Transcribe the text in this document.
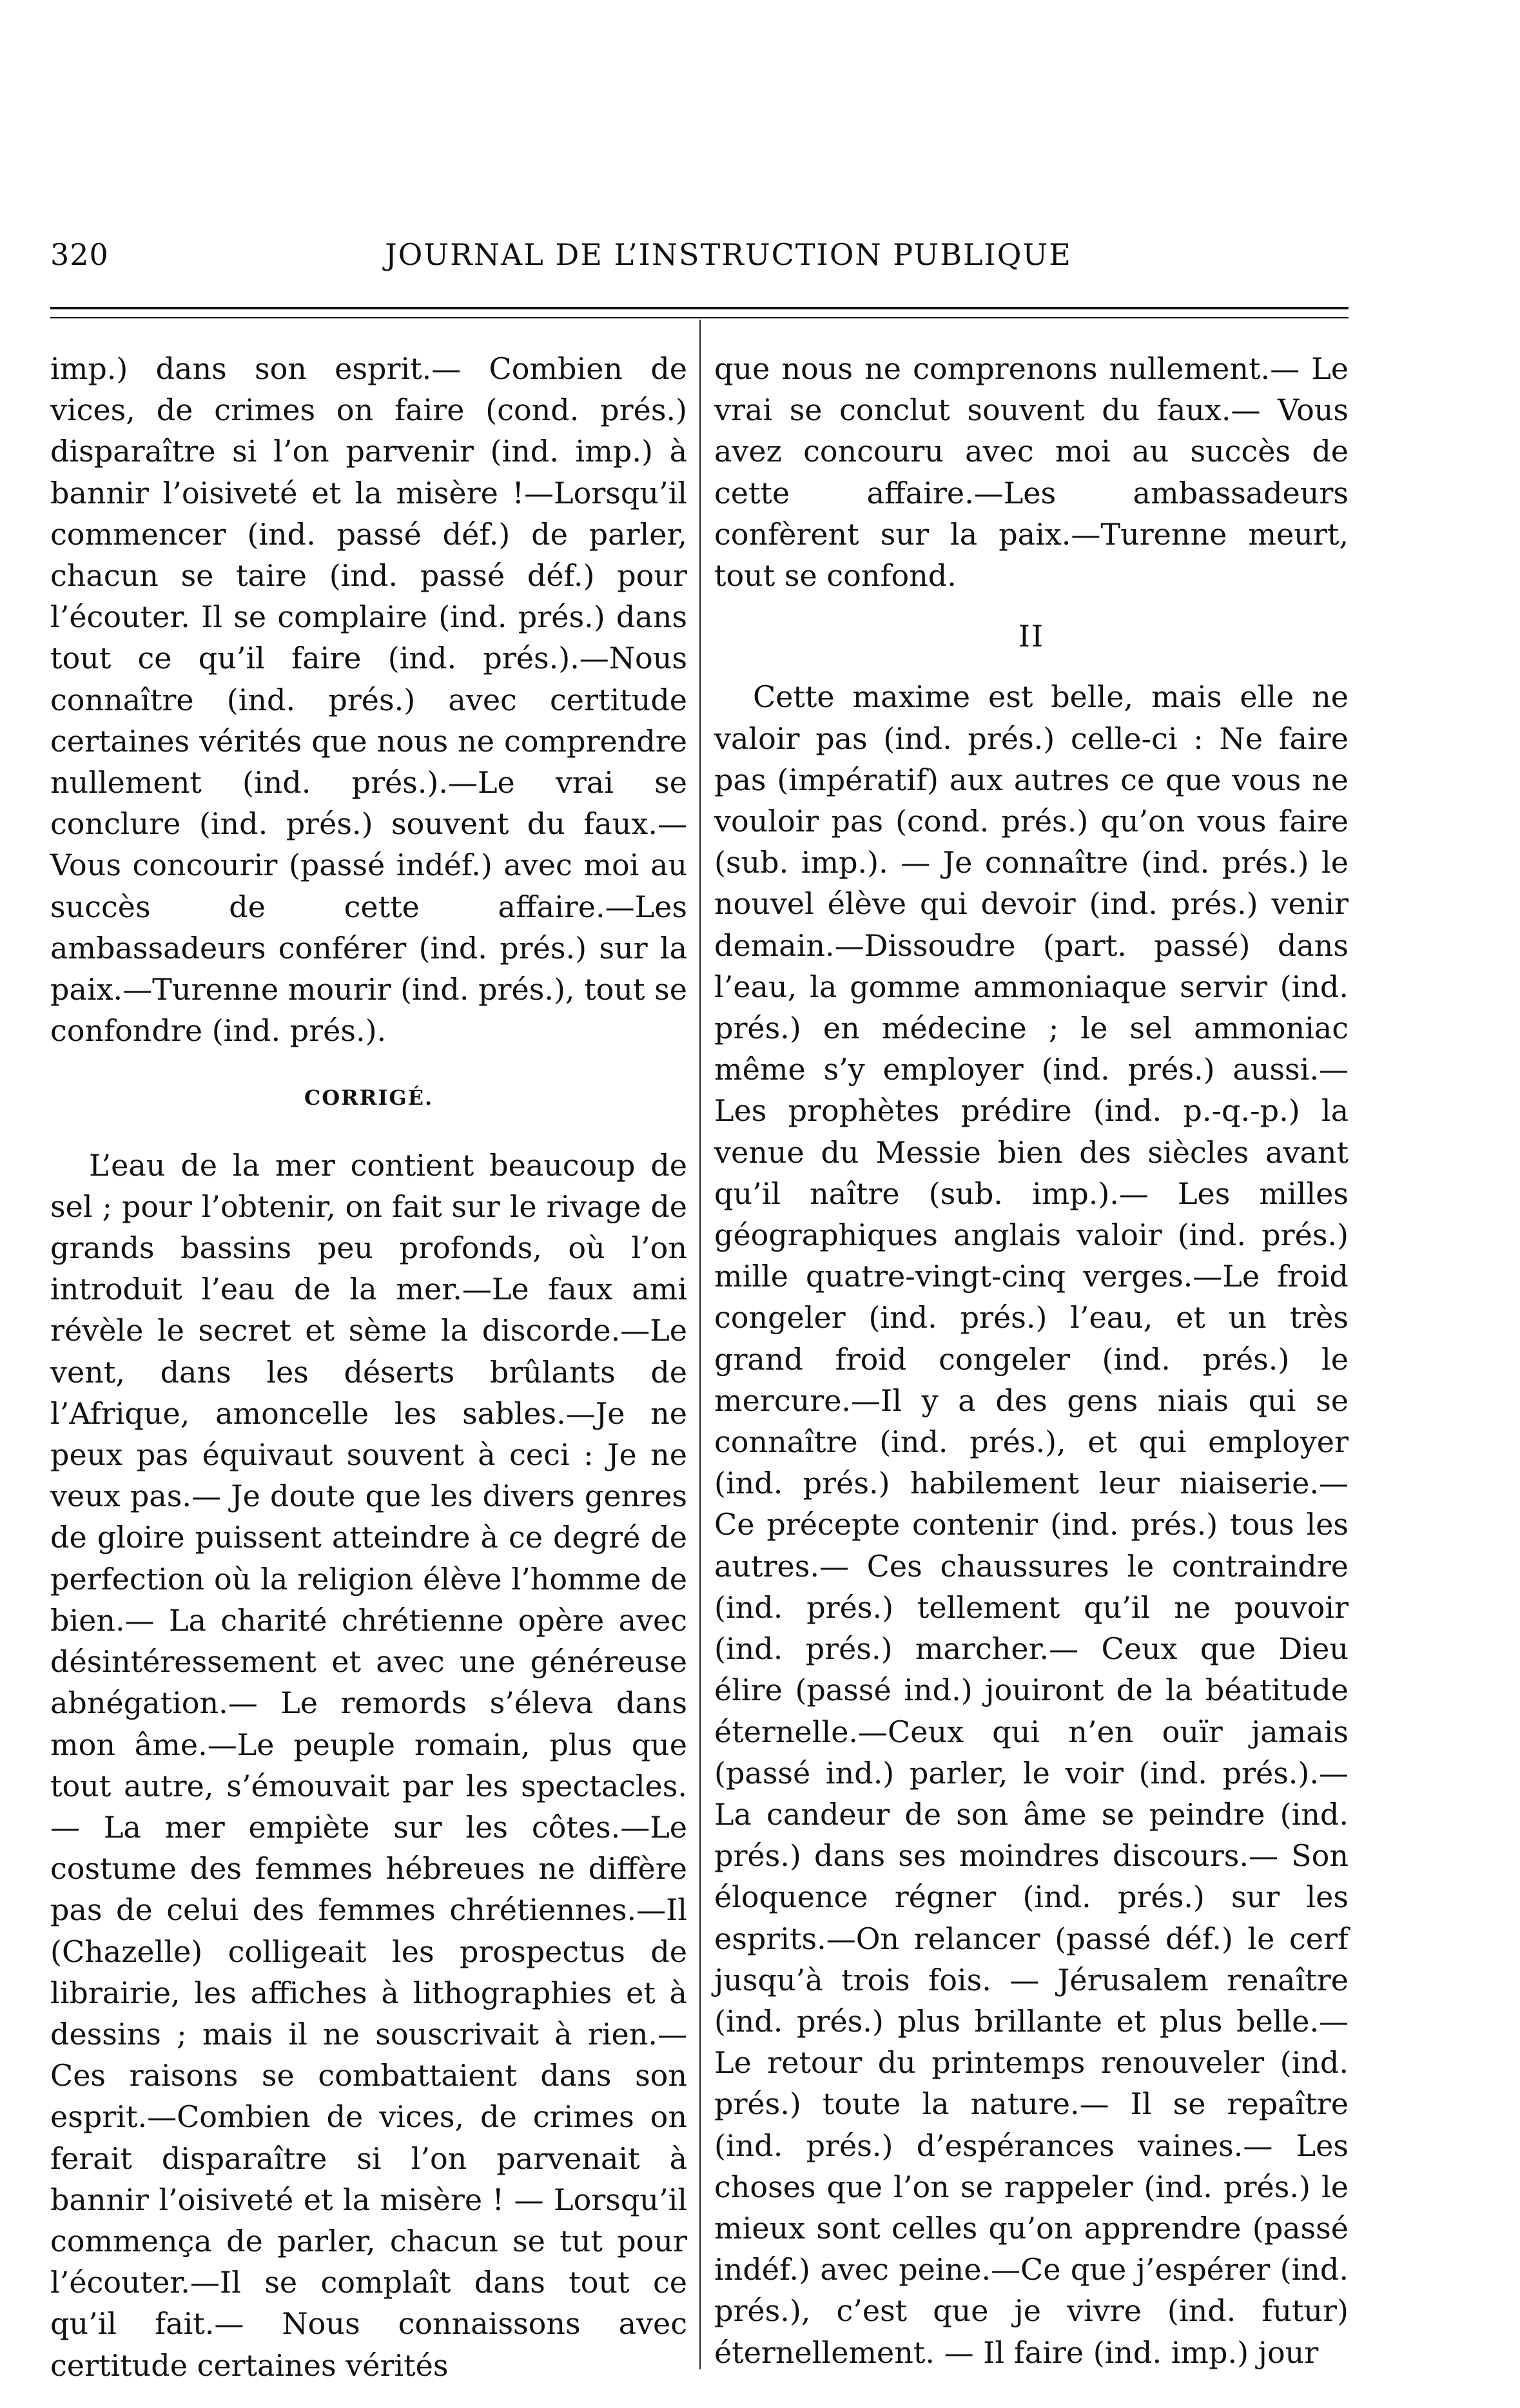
320	JOURNAL DE L’INSTRUCTION PUBLIQUE

imp.) dans son esprit.— Combien de vices, de crimes on faire (cond. prés.) disparaître si l’on parvenir (ind. imp.) à bannir l’oisiveté et la misère !—Lorsqu’il commencer (ind. passé déf.) de parler, chacun se taire (ind. passé déf.) pour l’écouter. Il se complaire (ind. prés.) dans tout ce qu’il faire (ind. prés.).—Nous connaître (ind. prés.) avec certitude certaines vérités que nous ne comprendre nullement (ind. prés.).—Le vrai se conclure (ind. prés.) souvent du faux.—Vous concourir (passé indéf.) avec moi au succès de cette affaire.—Les ambassadeurs conférer (ind. prés.) sur la paix.—Turenne mourir (ind. prés.), tout se confondre (ind. prés.).

CORRIGÉ.

L’eau de la mer contient beaucoup de sel ; pour l’obtenir, on fait sur le rivage de grands bassins peu profonds, où l’on introduit l’eau de la mer.—Le faux ami révèle le secret et sème la discorde.—Le vent, dans les déserts brûlants de l’Afrique, amoncelle les sables.—Je ne peux pas équivaut souvent à ceci : Je ne veux pas.— Je doute que les divers genres de gloire puissent atteindre à ce degré de perfection où la religion élève l’homme de bien.— La charité chrétienne opère avec désintéressement et avec une généreuse abnégation.— Le remords s’éleva dans mon âme.—Le peuple romain, plus que tout autre, s’émouvait par les spectacles.— La mer empiète sur les côtes.—Le costume des femmes hébreues ne diffère pas de celui des femmes chrétiennes.—Il (Chazelle) colligeait les prospectus de librairie, les affiches à lithographies et à dessins ; mais il ne souscrivait à rien.—Ces raisons se combattaient dans son esprit.—Combien de vices, de crimes on ferait disparaître si l’on parvenait à bannir l’oisiveté et la misère ! — Lorsqu’il commença de parler, chacun se tut pour l’écouter.—Il se complaît dans tout ce qu’il fait.— Nous connaissons avec certitude certaines vérités

que nous ne comprenons nullement.— Le vrai se conclut souvent du faux.— Vous avez concouru avec moi au succès de cette affaire.—Les ambassadeurs confèrent sur la paix.—Turenne meurt, tout se confond.

II

Cette maxime est belle, mais elle ne valoir pas (ind. prés.) celle-ci : Ne faire pas (impératif) aux autres ce que vous ne vouloir pas (cond. prés.) qu’on vous faire (sub. imp.). — Je connaître (ind. prés.) le nouvel élève qui devoir (ind. prés.) venir demain.—Dissoudre (part. passé) dans l’eau, la gomme ammoniaque servir (ind. prés.) en médecine ; le sel ammoniac même s’y employer (ind. prés.) aussi.—Les prophètes prédire (ind. p.-q.-p.) la venue du Messie bien des siècles avant qu’il naître (sub. imp.).— Les milles géographiques anglais valoir (ind. prés.) mille quatre-vingt-cinq verges.—Le froid congeler (ind. prés.) l’eau, et un très grand froid congeler (ind. prés.) le mercure.—Il y a des gens niais qui se connaître (ind. prés.), et qui employer (ind. prés.) habilement leur niaiserie.— Ce précepte contenir (ind. prés.) tous les autres.— Ces chaussures le contraindre (ind. prés.) tellement qu’il ne pouvoir (ind. prés.) marcher.— Ceux que Dieu élire (passé ind.) jouiront de la béatitude éternelle.—Ceux qui n’en ouïr jamais (passé ind.) parler, le voir (ind. prés.).— La candeur de son âme se peindre (ind. prés.) dans ses moindres discours.— Son éloquence régner (ind. prés.) sur les esprits.—On relancer (passé déf.) le cerf jusqu’à trois fois. — Jérusalem renaître (ind. prés.) plus brillante et plus belle.— Le retour du printemps renouveler (ind. prés.) toute la nature.— Il se repaître (ind. prés.) d’espérances vaines.— Les choses que l’on se rappeler (ind. prés.) le mieux sont celles qu’on apprendre (passé indéf.) avec peine.—Ce que j’espérer (ind. prés.), c’est que je vivre (ind. futur) éternellement. — Il faire (ind. imp.) jour
